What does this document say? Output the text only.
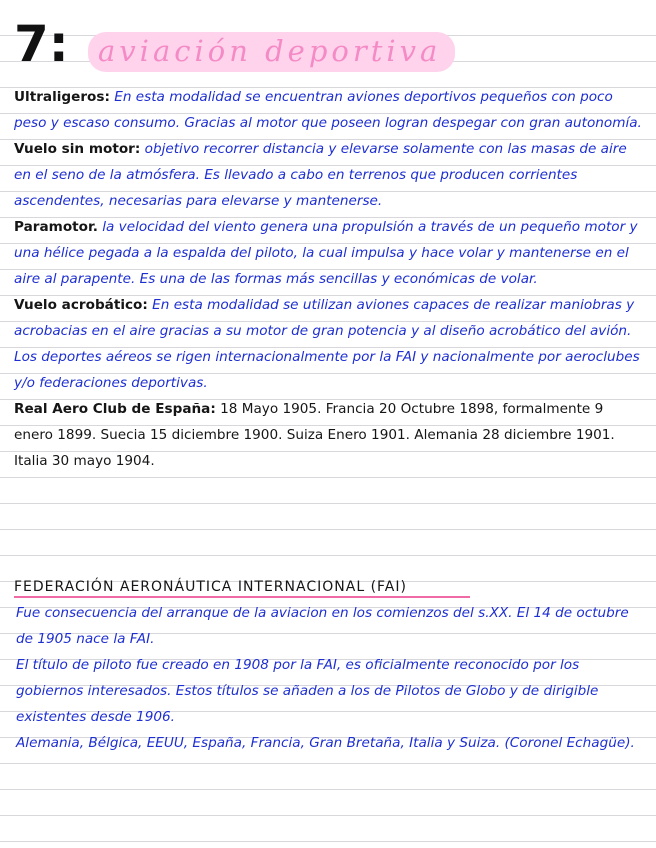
7:	aviación deportiva

Ultraligeros: En esta modalidad se encuentran aviones deportivos pequeños con poco peso y escaso consumo. Gracias al motor que poseen logran despegar con gran autonomía.

Vuelo sin motor: objetivo recorrer distancia y elevarse solamente con las masas de aire en el seno de la atmósfera. Es llevado a cabo en terrenos que producen corrientes ascendentes, necesarias para elevarse y mantenerse.

Paramotor. la velocidad del viento genera una propulsión a través de un pequeño motor y una hélice pegada a la espalda del piloto, la cual impulsa y hace volar y mantenerse en el aire al parapente. Es una de las formas más sencillas y económicas de volar.

Vuelo acrobático: En esta modalidad se utilizan aviones capaces de realizar maniobras y acrobacias en el aire gracias a su motor de gran potencia y al diseño acrobático del avión.

Los deportes aéreos se rigen internacionalmente por la FAI y nacionalmente por aeroclubes y/o federaciones deportivas.

Real Aero Club de España: 18 Mayo 1905. Francia 20 Octubre 1898, formalmente 9 enero 1899. Suecia 15 diciembre 1900. Suiza Enero 1901. Alemania 28 diciembre 1901. Italia 30 mayo 1904.

FEDERACIÓN AERONÁUTICA INTERNACIONAL (FAI)

Fue consecuencia del arranque de la aviacion en los comienzos del s.XX. El 14 de octubre de 1905 nace la FAI.

El título de piloto fue creado en 1908 por la FAI, es oficialmente reconocido por los gobiernos interesados. Estos títulos se añaden a los de Pilotos de Globo y de dirigible existentes desde 1906.

Alemania, Bélgica, EEUU, España, Francia, Gran Bretaña, Italia y Suiza. (Coronel Echagüe).
